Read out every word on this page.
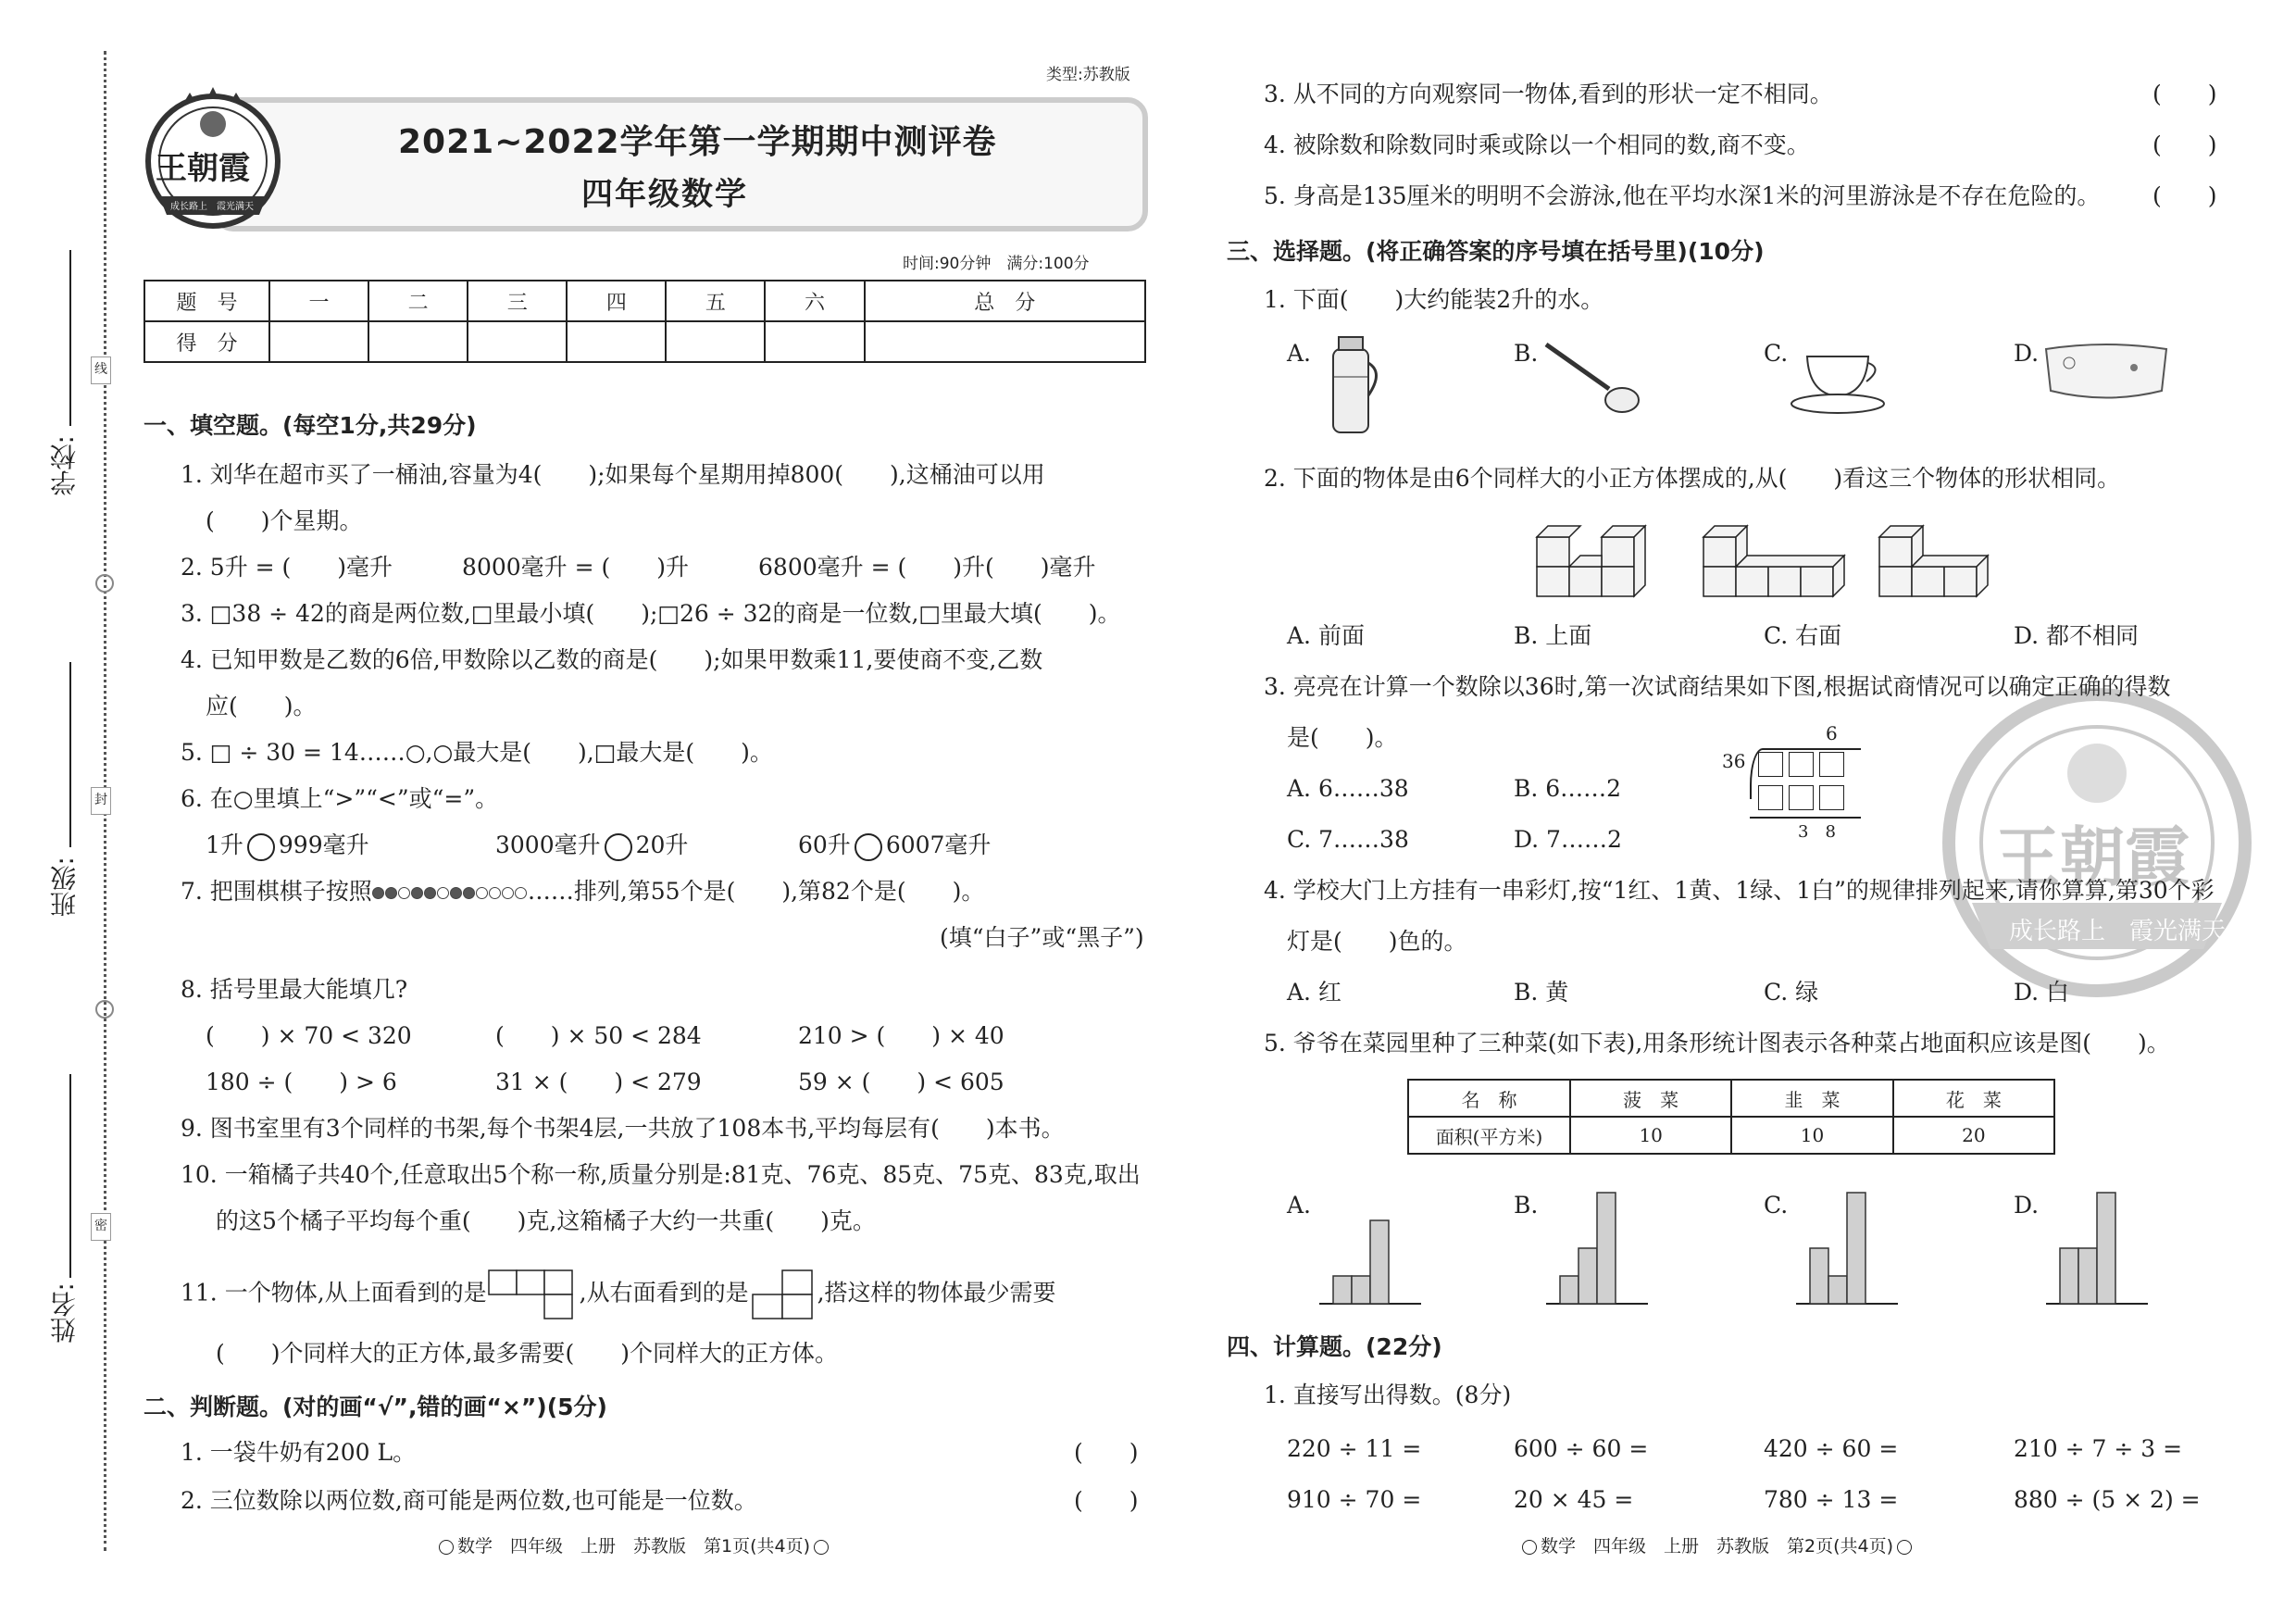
学校:
班级:
姓名:
线
封
密
类型:苏教版
王朝霞
成长路上　霞光满天
2021~2022学年第一学期期中测评卷
四年级数学
时间:90分钟　满分:100分
题　号	一	二	三	四	五	六	总　分
得　分							
一、填空题。(每空1分,共29分)
1. 刘华在超市买了一桶油,容量为4(　　);如果每个星期用掉800(　　),这桶油可以用
(　　)个星期。
2. 5升 = (　　)毫升　　　8000毫升 = (　　)升　　　6800毫升 = (　　)升(　　)毫升
3. □38 ÷ 42的商是两位数,□里最小填(　　);□26 ÷ 32的商是一位数,□里最大填(　　)。
4. 已知甲数是乙数的6倍,甲数除以乙数的商是(　　);如果甲数乘11,要使商不变,乙数
应(　　)。
5. □ ÷ 30 = 14……○,○最大是(　　),□最大是(　　)。
6. 在○里填上“>”“<”或“=”。
1升 999毫升	3000毫升 20升	60升 6007毫升
7. 把围棋棋子按照	……排列,第55个是(　　),第82个是(　　)。
(填“白子”或“黑子”)
8. 括号里最大能填几?
(　　) × 70 < 320	(　　) × 50 < 284	210 > (　　) × 40
180 ÷ (　　) > 6	31 × (　　) < 279	59 × (　　) < 605
9. 图书室里有3个同样的书架,每个书架4层,一共放了108本书,平均每层有(　　)本书。
10. 一箱橘子共40个,任意取出5个称一称,质量分别是:81克、76克、85克、75克、83克,取出
的这5个橘子平均每个重(　　)克,这箱橘子大约一共重(　　)克。
11. 一个物体,从上面看到的是	,从右面看到的是	,搭这样的物体最少需要
(　　)个同样大的正方体,最多需要(　　)个同样大的正方体。
二、判断题。(对的画“√”,错的画“×”)(5分)
1. 一袋牛奶有200 L。	(　　)
2. 三位数除以两位数,商可能是两位数,也可能是一位数。	(　　)
数学　四年级　上册　苏教版　第1页(共4页)
3. 从不同的方向观察同一物体,看到的形状一定不相同。	(　　)
4. 被除数和除数同时乘或除以一个相同的数,商不变。	(　　)
5. 身高是135厘米的明明不会游泳,他在平均水深1米的河里游泳是不存在危险的。 (　　)
三、选择题。(将正确答案的序号填在括号里)(10分)
1. 下面(　　)大约能装2升的水。
A.	B.	C.	D.
2. 下面的物体是由6个同样大的小正方体摆成的,从(　　)看这三个物体的形状相同。
A. 前面	B. 上面	C. 右面	D. 都不相同
3. 亮亮在计算一个数除以36时,第一次试商结果如下图,根据试商情况可以确定正确的得数
是(　　)。
A. 6……38	B. 6……2
C. 7……38	D. 7……2
6
36
3　8
4. 学校大门上方挂有一串彩灯,按“1红、1黄、1绿、1白”的规律排列起来,请你算算,第30个彩
灯是(　　)色的。
A. 红	B. 黄	C. 绿	D. 白
5. 爷爷在菜园里种了三种菜(如下表),用条形统计图表示各种菜占地面积应该是图(　　)。
名　称	菠　菜	韭　菜	花　菜
面积(平方米)	10	10	20
A.	B.	C.	D.
四、计算题。(22分)
1. 直接写出得数。(8分)
220 ÷ 11 =	600 ÷ 60 =	420 ÷ 60 =	210 ÷ 7 ÷ 3 =
910 ÷ 70 =	20 × 45 =	780 ÷ 13 =	880 ÷ (5 × 2) =
数学　四年级　上册　苏教版　第2页(共4页)
王朝霞
成长路上　霞光满天
